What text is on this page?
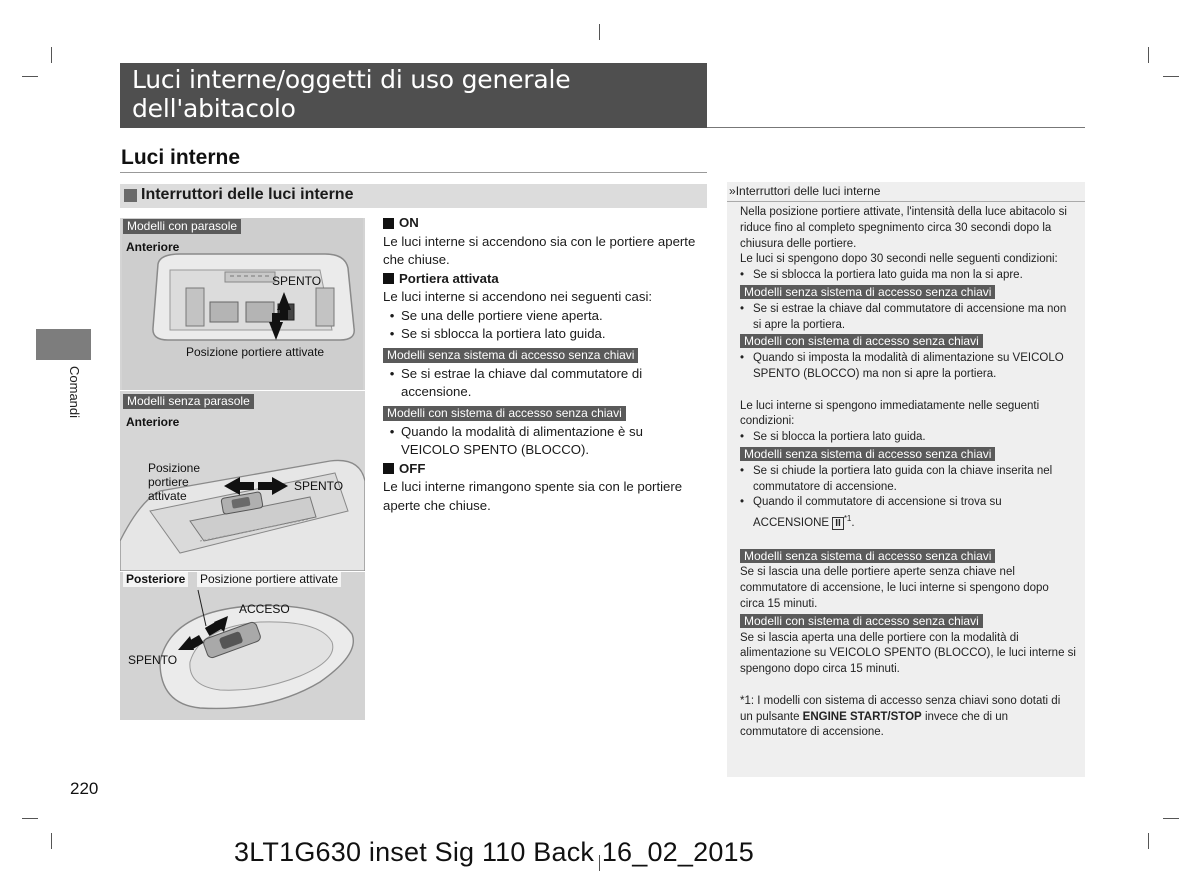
Luci interne/oggetti di uso generale dell'abitacolo
Luci interne
Interruttori delle luci interne
Comandi
Modelli con parasole
Anteriore
SPENTO
Posizione portiere attivate
Modelli senza parasole
Anteriore
Posizione
portiere
attivate
SPENTO
Posteriore Posizione portiere attivate
ACCESO
SPENTO
ON
Le luci interne si accendono sia con le portiere aperte che chiuse.
Portiera attivata
Le luci interne si accendono nei seguenti casi:
• Se una delle portiere viene aperta.
• Se si sblocca la portiera lato guida.
Modelli senza sistema di accesso senza chiavi
• Se si estrae la chiave dal commutatore di accensione.
Modelli con sistema di accesso senza chiavi
• Quando la modalità di alimentazione è su VEICOLO SPENTO (BLOCCO).
OFF
Le luci interne rimangono spente sia con le portiere aperte che chiuse.
»Interruttori delle luci interne
Nella posizione portiere attivate, l'intensità della luce abitacolo si riduce fino al completo spegnimento circa 30 secondi dopo la chiusura delle portiere.
Le luci si spengono dopo 30 secondi nelle seguenti condizioni:
• Se si sblocca la portiera lato guida ma non la si apre.
Modelli senza sistema di accesso senza chiavi
• Se si estrae la chiave dal commutatore di accensione ma non si apre la portiera.
Modelli con sistema di accesso senza chiavi
• Quando si imposta la modalità di alimentazione su VEICOLO SPENTO (BLOCCO) ma non si apre la portiera.
Le luci interne si spengono immediatamente nelle seguenti condizioni:
• Se si blocca la portiera lato guida.
Modelli senza sistema di accesso senza chiavi
• Se si chiude la portiera lato guida con la chiave inserita nel commutatore di accensione.
• Quando il commutatore di accensione si trova su ACCENSIONE II $^{*1}$.
Modelli senza sistema di accesso senza chiavi
Se si lascia una delle portiere aperte senza chiave nel commutatore di accensione, le luci interne si spengono dopo circa 15 minuti.
Modelli con sistema di accesso senza chiavi
Se si lascia aperta una delle portiere con la modalità di alimentazione su VEICOLO SPENTO (BLOCCO), le luci interne si spengono dopo circa 15 minuti.
*1: I modelli con sistema di accesso senza chiavi sono dotati di un pulsante ENGINE START/STOP invece che di un commutatore di accensione.
220
3LT1G630 inset Sig 110 Back 16_02_2015
